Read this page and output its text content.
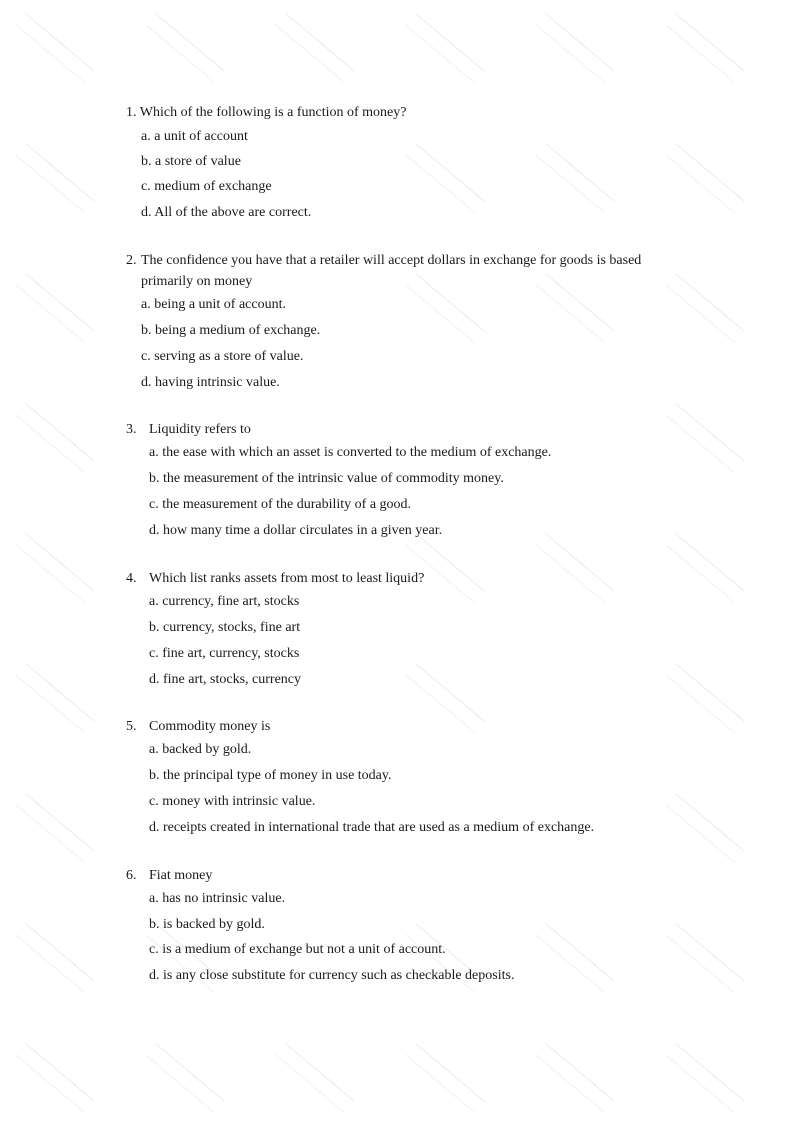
1. Which of the following is a function of money?
a. a unit of account
b. a store of value
c. medium of exchange
d. All of the above are correct.
2. The confidence you have that a retailer will accept dollars in exchange for goods is based primarily on money
a. being a unit of account.
b. being a medium of exchange.
c. serving as a store of value.
d. having intrinsic value.
3. Liquidity refers to
a. the ease with which an asset is converted to the medium of exchange.
b. the measurement of the intrinsic value of commodity money.
c. the measurement of the durability of a good.
d. how many time a dollar circulates in a given year.
4. Which list ranks assets from most to least liquid?
a. currency, fine art, stocks
b. currency, stocks, fine art
c. fine art, currency, stocks
d. fine art, stocks, currency
5. Commodity money is
a. backed by gold.
b. the principal type of money in use today.
c. money with intrinsic value.
d. receipts created in international trade that are used as a medium of exchange.
6. Fiat money
a. has no intrinsic value.
b. is backed by gold.
c. is a medium of exchange but not a unit of account.
d. is any close substitute for currency such as checkable deposits.
